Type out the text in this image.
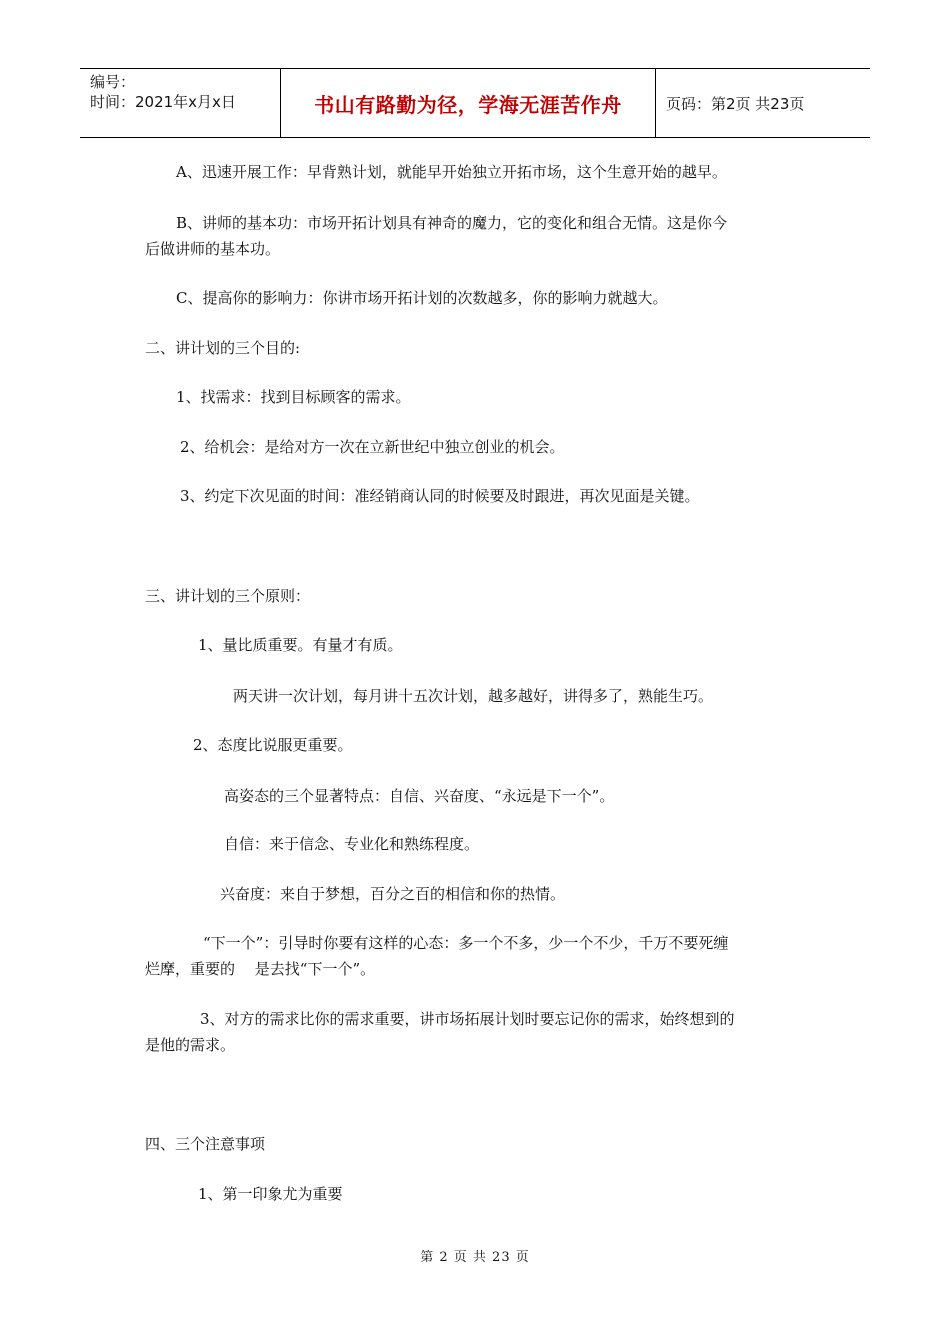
编号：
时间：2021年x月x日	书山有路勤为径，学海无涯苦作舟	页码：第2页 共23页
A、迅速开展工作：早背熟计划，就能早开始独立开拓市场，这个生意开始的越早。
B、讲师的基本功：市场开拓计划具有神奇的魔力，它的变化和组合无情。这是你今
后做讲师的基本功。
C、提高你的影响力：你讲市场开拓计划的次数越多，你的影响力就越大。
二、讲计划的三个目的:
1、找需求：找到目标顾客的需求。
2、给机会：是给对方一次在立新世纪中独立创业的机会。
3、约定下次见面的时间：准经销商认同的时候要及时跟进，再次见面是关键。
三、讲计划的三个原则：
1、量比质重要。有量才有质。
两天讲一次计划，每月讲十五次计划，越多越好，讲得多了，熟能生巧。
2、态度比说服更重要。
高姿态的三个显著特点：自信、兴奋度、“永远是下一个”。
自信：来于信念、专业化和熟练程度。
兴奋度：来自于梦想，百分之百的相信和你的热情。
“下一个”：引导时你要有这样的心态：多一个不多，少一个不少，千万不要死缠
烂摩，重要的　 是去找“下一个”。
3、对方的需求比你的需求重要，讲市场拓展计划时要忘记你的需求，始终想到的
是他的需求。
四、三个注意事项
1、第一印象尤为重要
第 2 页 共 23 页
